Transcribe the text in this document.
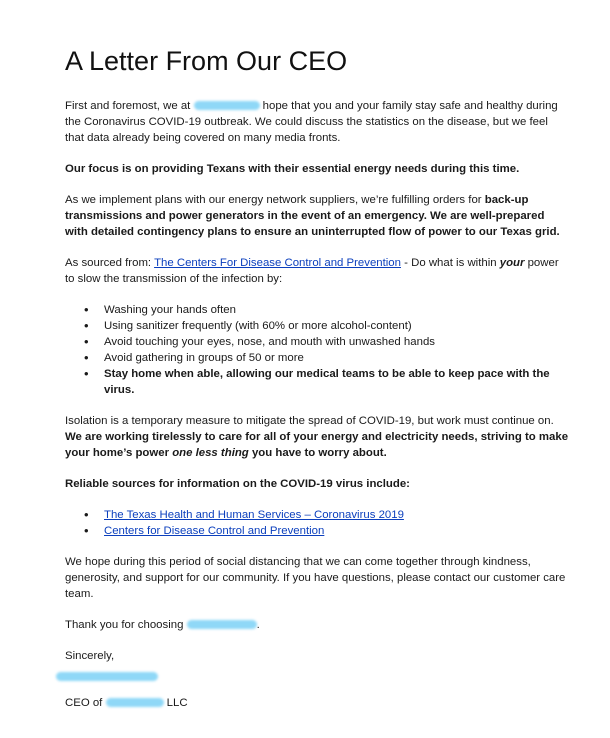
A Letter From Our CEO

First and foremost, we at	hope that you and your family stay safe and healthy during the Coronavirus COVID-19 outbreak. We could discuss the statistics on the disease, but we feel that data already being covered on many media fronts.

Our focus is on providing Texans with their essential energy needs during this time.

As we implement plans with our energy network suppliers, we’re fulfilling orders for back-up transmissions and power generators in the event of an emergency. We are well-prepared with detailed contingency plans to ensure an uninterrupted flow of power to our Texas grid.

As sourced from: The Centers For Disease Control and Prevention - Do what is within your power to slow the transmission of the infection by:

• Washing your hands often
• Using sanitizer frequently (with 60% or more alcohol-content)
• Avoid touching your eyes, nose, and mouth with unwashed hands
• Avoid gathering in groups of 50 or more
• Stay home when able, allowing our medical teams to be able to keep pace with the virus.

Isolation is a temporary measure to mitigate the spread of COVID-19, but work must continue on. We are working tirelessly to care for all of your energy and electricity needs, striving to make your home’s power one less thing you have to worry about.

Reliable sources for information on the COVID-19 virus include:

• The Texas Health and Human Services – Coronavirus 2019
• Centers for Disease Control and Prevention

We hope during this period of social distancing that we can come together through kindness, generosity, and support for our community. If you have questions, please contact our customer care team.

Thank you for choosing	.

Sincerely,

CEO of	LLC
